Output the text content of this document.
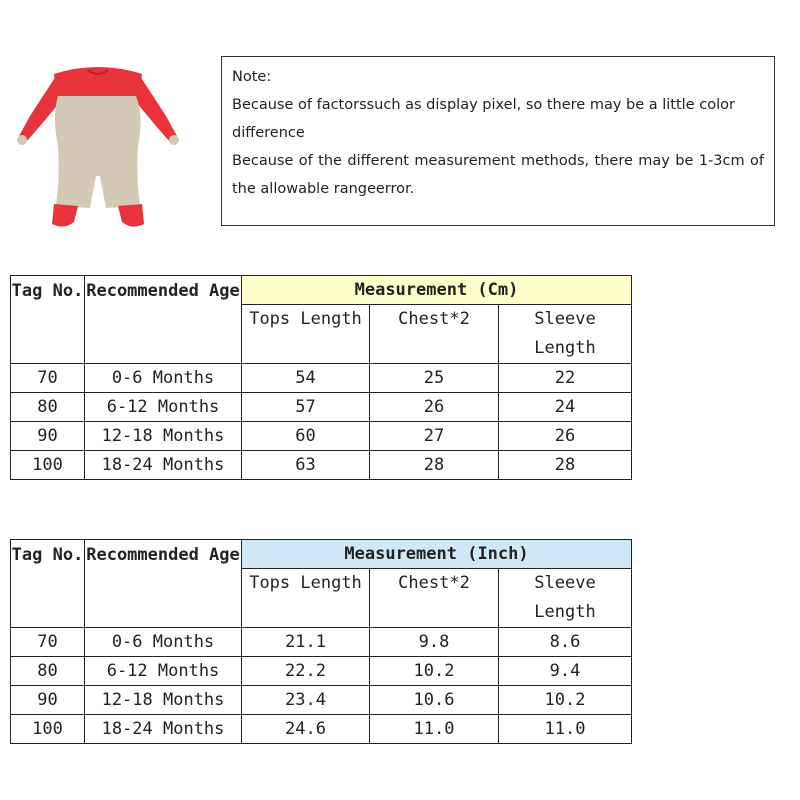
Note:

Because of factorssuch as display pixel, so there may be a little color difference

Because of the different measurement methods, there may be 1-3cm of the allowable rangeerror.

Tag No.	Recommended Age	Measurement (Cm)		
		Tops Length	Chest*2	Sleeve Length
70	0-6 Months	54	25	22
80	6-12 Months	57	26	24
90	12-18 Months	60	27	26
100	18-24 Months	63	28	28
Tag No.	Recommended Age	Measurement (Inch)		
		Tops Length	Chest*2	Sleeve Length
70	0-6 Months	21.1	9.8	8.6
80	6-12 Months	22.2	10.2	9.4
90	12-18 Months	23.4	10.6	10.2
100	18-24 Months	24.6	11.0	11.0
